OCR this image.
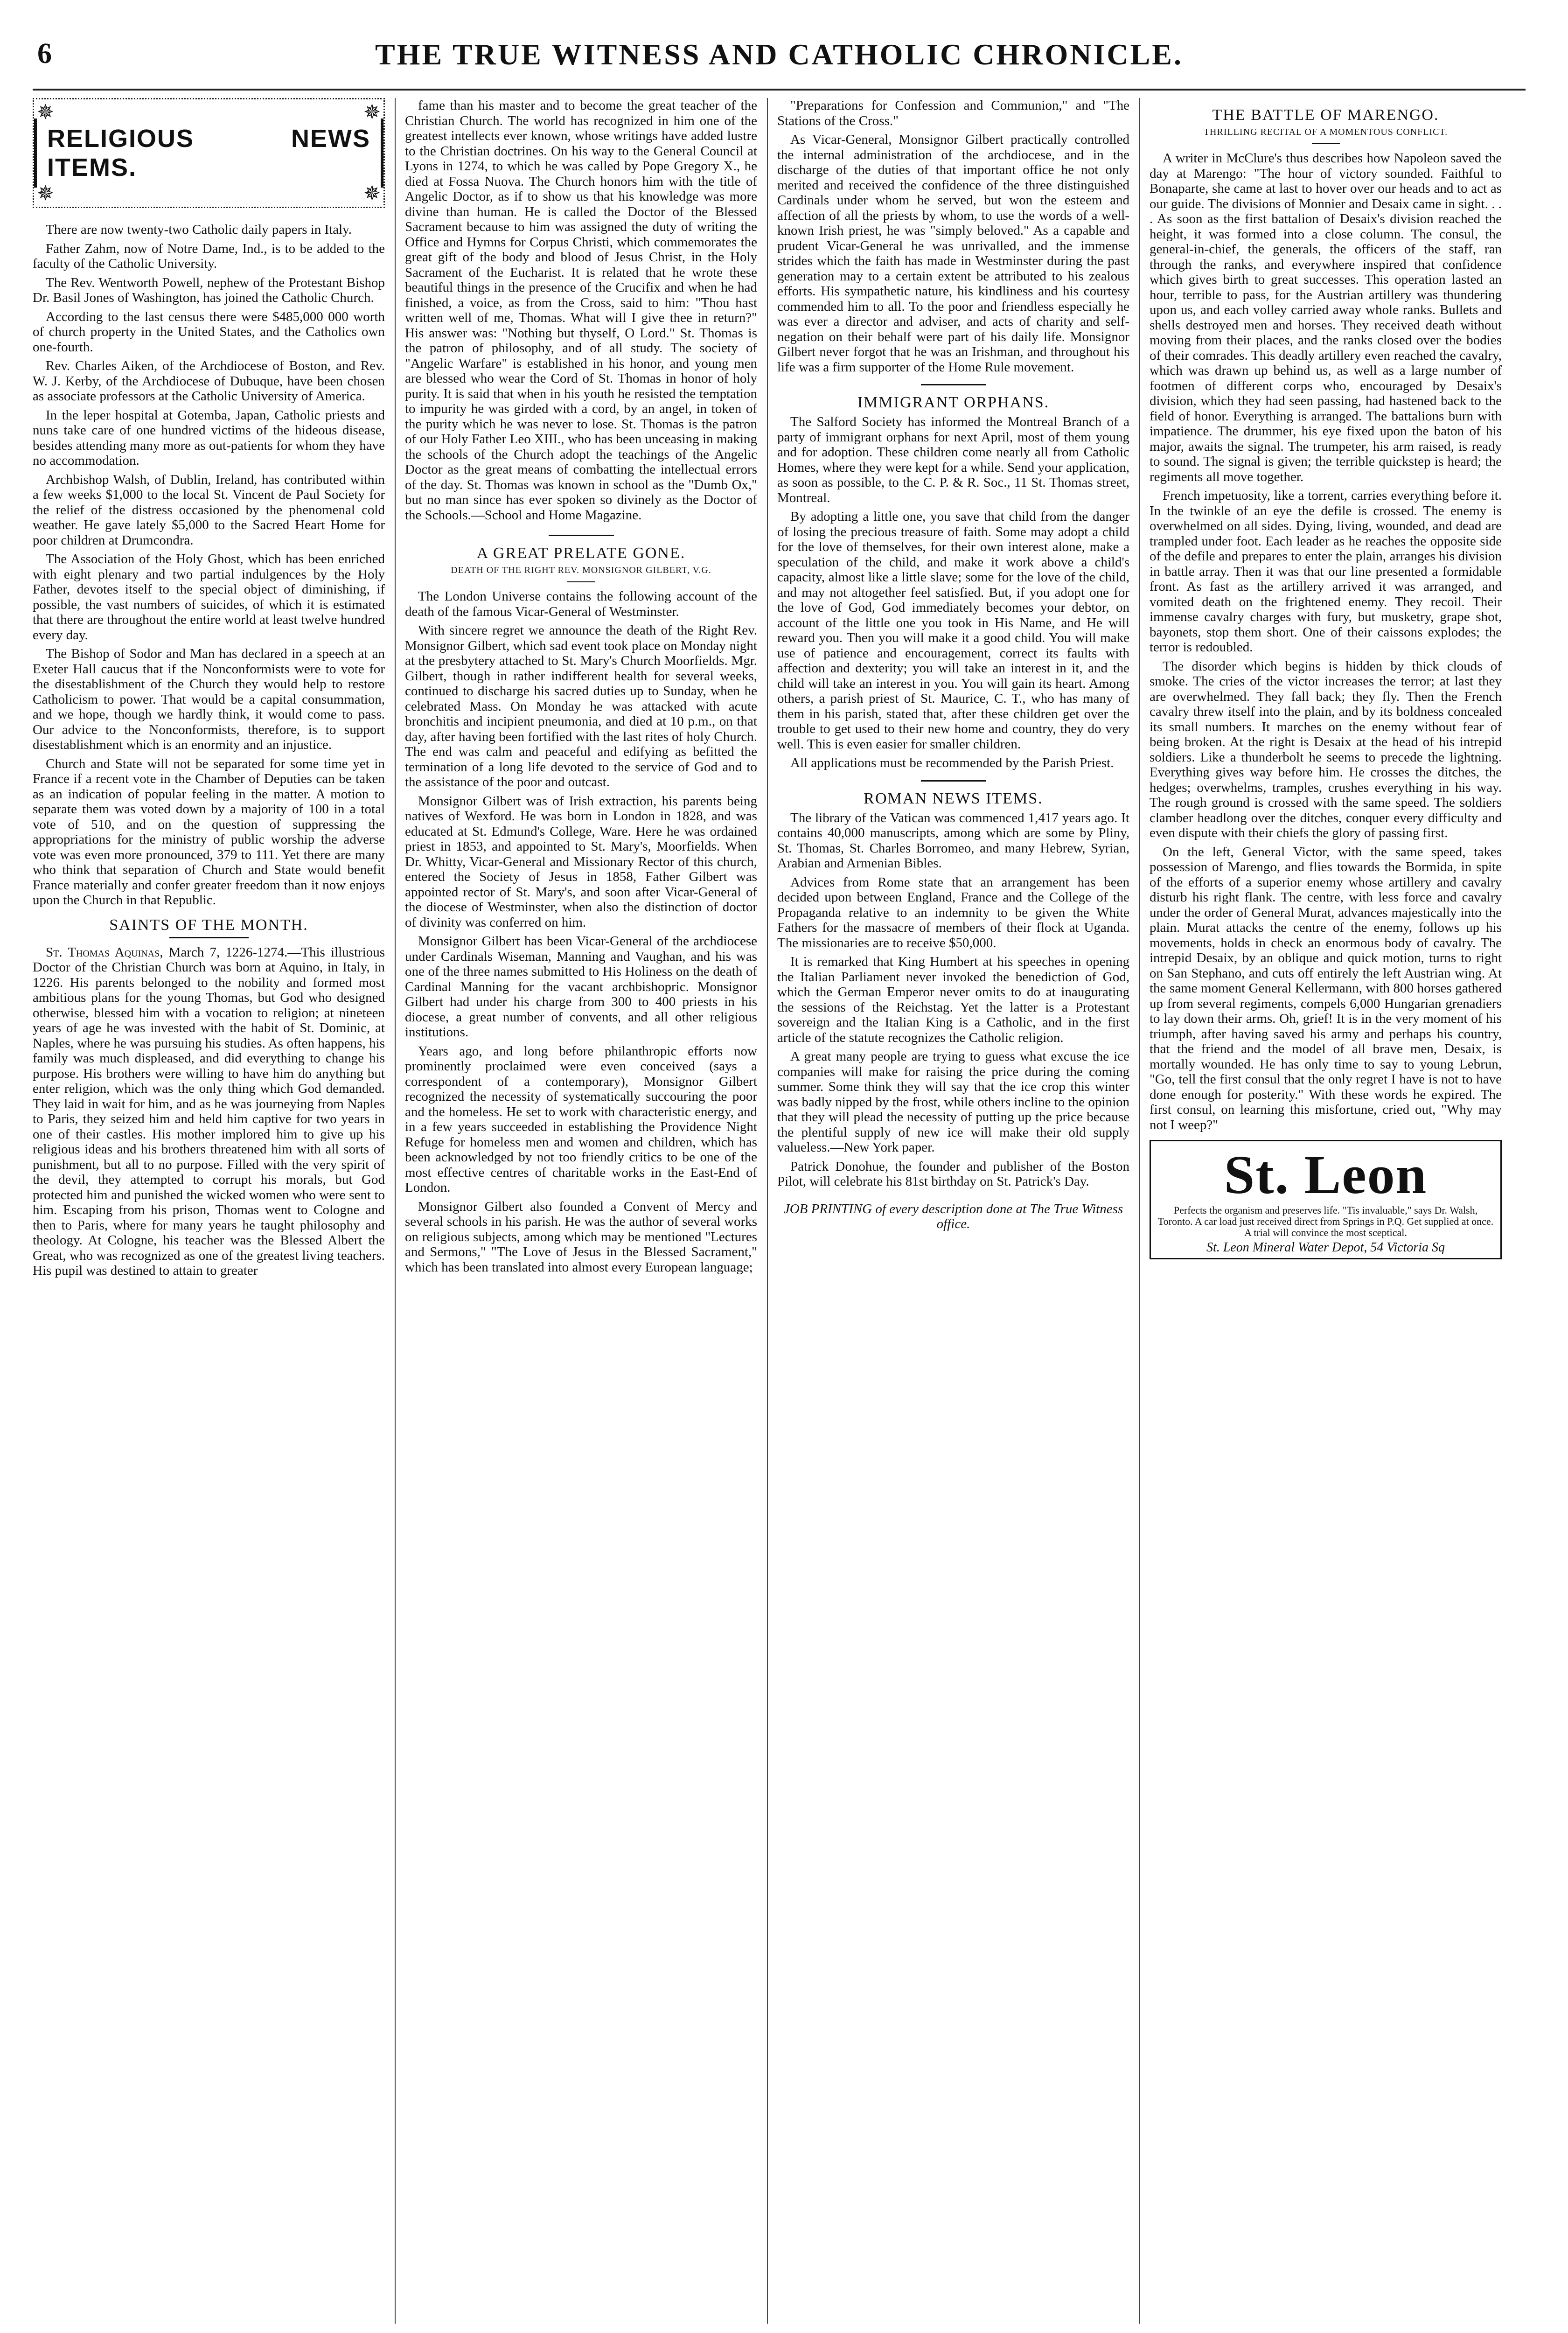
6	THE TRUE WITNESS AND CATHOLIC CHRONICLE.
✵	✵
✵	✵
RELIGIOUS NEWS ITEMS.

There are now twenty-two Catholic daily papers in Italy.

Father Zahm, now of Notre Dame, Ind., is to be added to the faculty of the Catholic University.

The Rev. Wentworth Powell, nephew of the Protestant Bishop Dr. Basil Jones of Washington, has joined the Catholic Church.

According to the last census there were $485,000 000 worth of church property in the United States, and the Catholics own one-fourth.

Rev. Charles Aiken, of the Archdiocese of Boston, and Rev. W. J. Kerby, of the Archdiocese of Dubuque, have been chosen as associate professors at the Catholic University of America.

In the leper hospital at Gotemba, Japan, Catholic priests and nuns take care of one hundred victims of the hideous disease, besides attending many more as out-patients for whom they have no accommodation.

Archbishop Walsh, of Dublin, Ireland, has contributed within a few weeks $1,000 to the local St. Vincent de Paul Society for the relief of the distress occasioned by the phenomenal cold weather. He gave lately $5,000 to the Sacred Heart Home for poor children at Drumcondra.

The Association of the Holy Ghost, which has been enriched with eight plenary and two partial indulgences by the Holy Father, devotes itself to the special object of diminishing, if possible, the vast numbers of suicides, of which it is estimated that there are throughout the entire world at least twelve hundred every day.

The Bishop of Sodor and Man has declared in a speech at an Exeter Hall caucus that if the Nonconformists were to vote for the disestablishment of the Church they would help to restore Catholicism to power. That would be a capital consummation, and we hope, though we hardly think, it would come to pass. Our advice to the Nonconformists, therefore, is to support disestablishment which is an enormity and an injustice.

Church and State will not be separated for some time yet in France if a recent vote in the Chamber of Deputies can be taken as an indication of popular feeling in the matter. A motion to separate them was voted down by a majority of 100 in a total vote of 510, and on the question of suppressing the appropriations for the ministry of public worship the adverse vote was even more pronounced, 379 to 111. Yet there are many who think that separation of Church and State would benefit France materially and confer greater freedom than it now enjoys upon the Church in that Republic.

SAINTS OF THE MONTH.

St. Thomas Aquinas, March 7, 1226-1274.—This illustrious Doctor of the Christian Church was born at Aquino, in Italy, in 1226. His parents belonged to the nobility and formed most ambitious plans for the young Thomas, but God who designed otherwise, blessed him with a vocation to religion; at nineteen years of age he was invested with the habit of St. Dominic, at Naples, where he was pursuing his studies. As often happens, his family was much displeased, and did everything to change his purpose. His brothers were willing to have him do anything but enter religion, which was the only thing which God demanded. They laid in wait for him, and as he was journeying from Naples to Paris, they seized him and held him captive for two years in one of their castles. His mother implored him to give up his religious ideas and his brothers threatened him with all sorts of punishment, but all to no purpose. Filled with the very spirit of the devil, they attempted to corrupt his morals, but God protected him and punished the wicked women who were sent to him. Escaping from his prison, Thomas went to Cologne and then to Paris, where for many years he taught philosophy and theology. At Cologne, his teacher was the Blessed Albert the Great, who was recognized as one of the greatest living teachers. His pupil was destined to attain to greater

fame than his master and to become the great teacher of the Christian Church. The world has recognized in him one of the greatest intellects ever known, whose writings have added lustre to the Christian doctrines. On his way to the General Council at Lyons in 1274, to which he was called by Pope Gregory X., he died at Fossa Nuova. The Church honors him with the title of Angelic Doctor, as if to show us that his knowledge was more divine than human. He is called the Doctor of the Blessed Sacrament because to him was assigned the duty of writing the Office and Hymns for Corpus Christi, which commemorates the great gift of the body and blood of Jesus Christ, in the Holy Sacrament of the Eucharist. It is related that he wrote these beautiful things in the presence of the Crucifix and when he had finished, a voice, as from the Cross, said to him: "Thou hast written well of me, Thomas. What will I give thee in return?" His answer was: "Nothing but thyself, O Lord." St. Thomas is the patron of philosophy, and of all study. The society of "Angelic Warfare" is established in his honor, and young men are blessed who wear the Cord of St. Thomas in honor of holy purity. It is said that when in his youth he resisted the temptation to impurity he was girded with a cord, by an angel, in token of the purity which he was never to lose. St. Thomas is the patron of our Holy Father Leo XIII., who has been unceasing in making the schools of the Church adopt the teachings of the Angelic Doctor as the great means of combatting the intellectual errors of the day. St. Thomas was known in school as the "Dumb Ox," but no man since has ever spoken so divinely as the Doctor of the Schools.—School and Home Magazine.

A GREAT PRELATE GONE.
DEATH OF THE RIGHT REV. MONSIGNOR GILBERT, V.G.

The London Universe contains the following account of the death of the famous Vicar-General of Westminster.

With sincere regret we announce the death of the Right Rev. Monsignor Gilbert, which sad event took place on Monday night at the presbytery attached to St. Mary's Church Moorfields. Mgr. Gilbert, though in rather indifferent health for several weeks, continued to discharge his sacred duties up to Sunday, when he celebrated Mass. On Monday he was attacked with acute bronchitis and incipient pneumonia, and died at 10 p.m., on that day, after having been fortified with the last rites of holy Church. The end was calm and peaceful and edifying as befitted the termination of a long life devoted to the service of God and to the assistance of the poor and outcast.

Monsignor Gilbert was of Irish extraction, his parents being natives of Wexford. He was born in London in 1828, and was educated at St. Edmund's College, Ware. Here he was ordained priest in 1853, and appointed to St. Mary's, Moorfields. When Dr. Whitty, Vicar-General and Missionary Rector of this church, entered the Society of Jesus in 1858, Father Gilbert was appointed rector of St. Mary's, and soon after Vicar-General of the diocese of Westminster, when also the distinction of doctor of divinity was conferred on him.

Monsignor Gilbert has been Vicar-General of the archdiocese under Cardinals Wiseman, Manning and Vaughan, and his was one of the three names submitted to His Holiness on the death of Cardinal Manning for the vacant archbishopric. Monsignor Gilbert had under his charge from 300 to 400 priests in his diocese, a great number of convents, and all other religious institutions.

Years ago, and long before philanthropic efforts now prominently proclaimed were even conceived (says a correspondent of a contemporary), Monsignor Gilbert recognized the necessity of systematically succouring the poor and the homeless. He set to work with characteristic energy, and in a few years succeeded in establishing the Providence Night Refuge for homeless men and women and children, which has been acknowledged by not too friendly critics to be one of the most effective centres of charitable works in the East-End of London.

Monsignor Gilbert also founded a Convent of Mercy and several schools in his parish. He was the author of several works on religious subjects, among which may be mentioned "Lectures and Sermons," "The Love of Jesus in the Blessed Sacrament," which has been translated into almost every European language;

"Preparations for Confession and Communion," and "The Stations of the Cross."

As Vicar-General, Monsignor Gilbert practically controlled the internal administration of the archdiocese, and in the discharge of the duties of that important office he not only merited and received the confidence of the three distinguished Cardinals under whom he served, but won the esteem and affection of all the priests by whom, to use the words of a well-known Irish priest, he was "simply beloved." As a capable and prudent Vicar-General he was unrivalled, and the immense strides which the faith has made in Westminster during the past generation may to a certain extent be attributed to his zealous efforts. His sympathetic nature, his kindliness and his courtesy commended him to all. To the poor and friendless especially he was ever a director and adviser, and acts of charity and self-negation on their behalf were part of his daily life. Monsignor Gilbert never forgot that he was an Irishman, and throughout his life was a firm supporter of the Home Rule movement.

IMMIGRANT ORPHANS.

The Salford Society has informed the Montreal Branch of a party of immigrant orphans for next April, most of them young and for adoption. These children come nearly all from Catholic Homes, where they were kept for a while. Send your application, as soon as possible, to the C. P. & R. Soc., 11 St. Thomas street, Montreal.

By adopting a little one, you save that child from the danger of losing the precious treasure of faith. Some may adopt a child for the love of themselves, for their own interest alone, make a speculation of the child, and make it work above a child's capacity, almost like a little slave; some for the love of the child, and may not altogether feel satisfied. But, if you adopt one for the love of God, God immediately becomes your debtor, on account of the little one you took in His Name, and He will reward you. Then you will make it a good child. You will make use of patience and encouragement, correct its faults with affection and dexterity; you will take an interest in it, and the child will take an interest in you. You will gain its heart. Among others, a parish priest of St. Maurice, C. T., who has many of them in his parish, stated that, after these children get over the trouble to get used to their new home and country, they do very well. This is even easier for smaller children.

All applications must be recommended by the Parish Priest.

ROMAN NEWS ITEMS.

The library of the Vatican was commenced 1,417 years ago. It contains 40,000 manuscripts, among which are some by Pliny, St. Thomas, St. Charles Borromeo, and many Hebrew, Syrian, Arabian and Armenian Bibles.

Advices from Rome state that an arrangement has been decided upon between England, France and the College of the Propaganda relative to an indemnity to be given the White Fathers for the massacre of members of their flock at Uganda. The missionaries are to receive $50,000.

It is remarked that King Humbert at his speeches in opening the Italian Parliament never invoked the benediction of God, which the German Emperor never omits to do at inaugurating the sessions of the Reichstag. Yet the latter is a Protestant sovereign and the Italian King is a Catholic, and in the first article of the statute recognizes the Catholic religion.

A great many people are trying to guess what excuse the ice companies will make for raising the price during the coming summer. Some think they will say that the ice crop this winter was badly nipped by the frost, while others incline to the opinion that they will plead the necessity of putting up the price because the plentiful supply of new ice will make their old supply valueless.—New York paper.

Patrick Donohue, the founder and publisher of the Boston Pilot, will celebrate his 81st birthday on St. Patrick's Day.

JOB PRINTING of every description done at The True Witness office.

THE BATTLE OF MARENGO.
THRILLING RECITAL OF A MOMENTOUS CONFLICT.

A writer in McClure's thus describes how Napoleon saved the day at Marengo: "The hour of victory sounded. Faithful to Bonaparte, she came at last to hover over our heads and to act as our guide. The divisions of Monnier and Desaix came in sight. . . . As soon as the first battalion of Desaix's division reached the height, it was formed into a close column. The consul, the general-in-chief, the generals, the officers of the staff, ran through the ranks, and everywhere inspired that confidence which gives birth to great successes. This operation lasted an hour, terrible to pass, for the Austrian artillery was thundering upon us, and each volley carried away whole ranks. Bullets and shells destroyed men and horses. They received death without moving from their places, and the ranks closed over the bodies of their comrades. This deadly artillery even reached the cavalry, which was drawn up behind us, as well as a large number of footmen of different corps who, encouraged by Desaix's division, which they had seen passing, had hastened back to the field of honor. Everything is arranged. The battalions burn with impatience. The drummer, his eye fixed upon the baton of his major, awaits the signal. The trumpeter, his arm raised, is ready to sound. The signal is given; the terrible quickstep is heard; the regiments all move together.

French impetuosity, like a torrent, carries everything before it. In the twinkle of an eye the defile is crossed. The enemy is overwhelmed on all sides. Dying, living, wounded, and dead are trampled under foot. Each leader as he reaches the opposite side of the defile and prepares to enter the plain, arranges his division in battle array. Then it was that our line presented a formidable front. As fast as the artillery arrived it was arranged, and vomited death on the frightened enemy. They recoil. Their immense cavalry charges with fury, but musketry, grape shot, bayonets, stop them short. One of their caissons explodes; the terror is redoubled.

The disorder which begins is hidden by thick clouds of smoke. The cries of the victor increases the terror; at last they are overwhelmed. They fall back; they fly. Then the French cavalry threw itself into the plain, and by its boldness concealed its small numbers. It marches on the enemy without fear of being broken. At the right is Desaix at the head of his intrepid soldiers. Like a thunderbolt he seems to precede the lightning. Everything gives way before him. He crosses the ditches, the hedges; overwhelms, tramples, crushes everything in his way. The rough ground is crossed with the same speed. The soldiers clamber headlong over the ditches, conquer every difficulty and even dispute with their chiefs the glory of passing first.

On the left, General Victor, with the same speed, takes possession of Marengo, and flies towards the Bormida, in spite of the efforts of a superior enemy whose artillery and cavalry disturb his right flank. The centre, with less force and cavalry under the order of General Murat, advances majestically into the plain. Murat attacks the centre of the enemy, follows up his movements, holds in check an enormous body of cavalry. The intrepid Desaix, by an oblique and quick motion, turns to right on San Stephano, and cuts off entirely the left Austrian wing. At the same moment General Kellermann, with 800 horses gathered up from several regiments, compels 6,000 Hungarian grenadiers to lay down their arms. Oh, grief! It is in the very moment of his triumph, after having saved his army and perhaps his country, that the friend and the model of all brave men, Desaix, is mortally wounded. He has only time to say to young Lebrun, "Go, tell the first consul that the only regret I have is not to have done enough for posterity." With these words he expired. The first consul, on learning this misfortune, cried out, "Why may not I weep?"

St. Leon
Perfects the organism and preserves life. "Tis invaluable," says Dr. Walsh, Toronto. A car load just received direct from Springs in P.Q. Get supplied at once. A trial will convince the most sceptical.
St. Leon Mineral Water Depot, 54 Victoria Sq
